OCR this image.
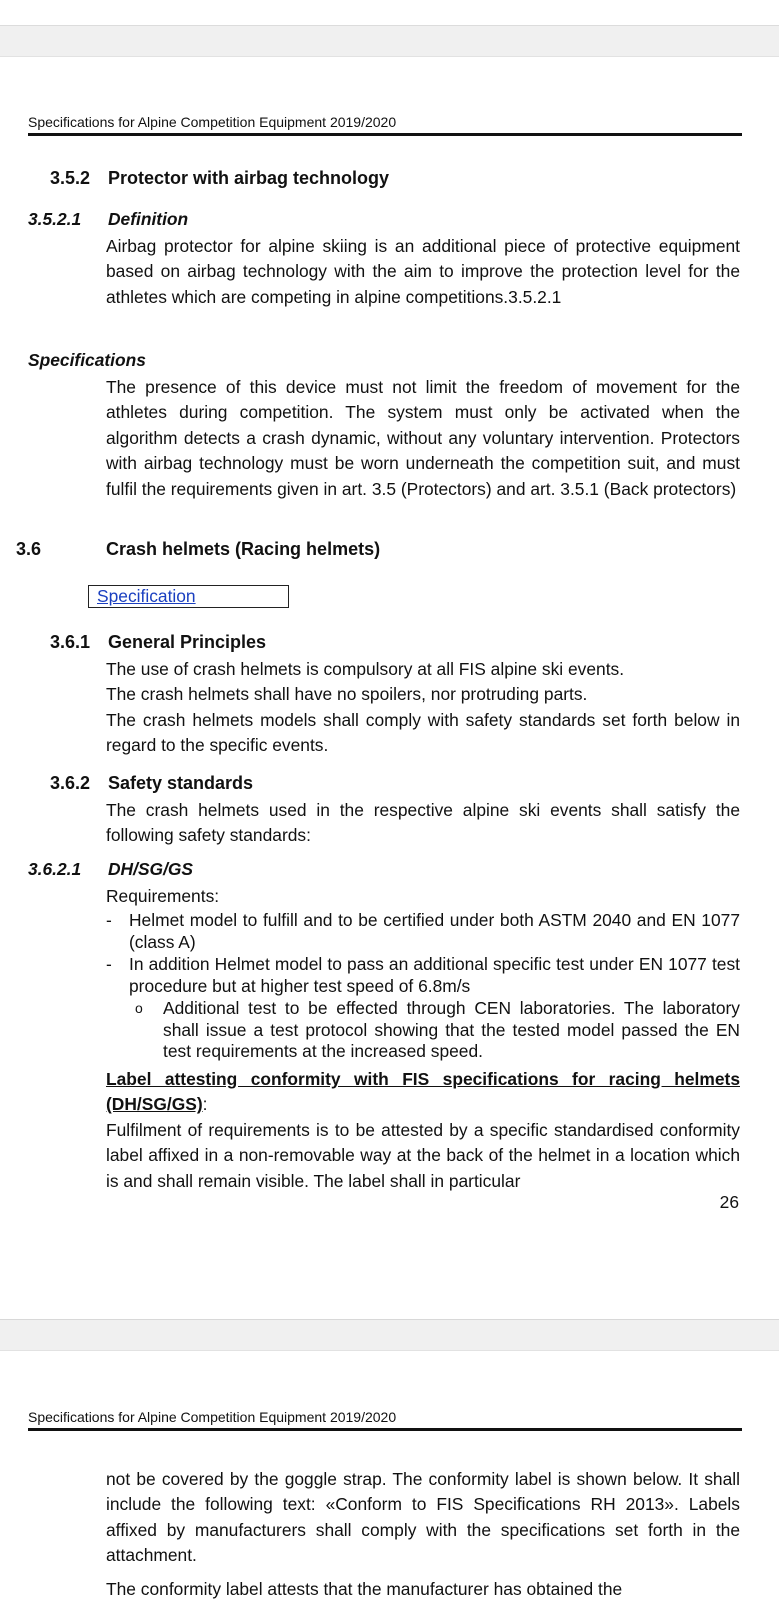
Specifications for Alpine Competition Equipment 2019/2020
3.5.2 Protector with airbag technology
3.5.2.1 Definition
Airbag protector for alpine skiing is an additional piece of protective equipment based on airbag technology with the aim to improve the protection level for the athletes which are competing in alpine competitions.3.5.2.1
Specifications
The presence of this device must not limit the freedom of movement for the athletes during competition. The system must only be activated when the algorithm detects a crash dynamic, without any voluntary intervention. Protectors with airbag technology must be worn underneath the competition suit, and must fulfil the requirements given in art. 3.5 (Protectors) and art. 3.5.1 (Back protectors)
3.6	Crash helmets (Racing helmets)
Specification
3.6.1 General Principles
The use of crash helmets is compulsory at all FIS alpine ski events.
The crash helmets shall have no spoilers, nor protruding parts.
The crash helmets models shall comply with safety standards set forth below in regard to the specific events.
3.6.2 Safety standards
The crash helmets used in the respective alpine ski events shall satisfy the following safety standards:
3.6.2.1 DH/SG/GS
Requirements:
- Helmet model to fulfill and to be certified under both ASTM 2040 and EN 1077 (class A)
- In addition Helmet model to pass an additional specific test under EN 1077 test procedure but at higher test speed of 6.8m/s
o Additional test to be effected through CEN laboratories. The laboratory shall issue a test protocol showing that the tested model passed the EN test requirements at the increased speed.
Label attesting conformity with FIS specifications for racing helmets (DH/SG/GS):
Fulfilment of requirements is to be attested by a specific standardised conformity label affixed in a non-removable way at the back of the helmet in a location which is and shall remain visible. The label shall in particular
26
Specifications for Alpine Competition Equipment 2019/2020
not be covered by the goggle strap. The conformity label is shown below. It shall include the following text: «Conform to FIS Specifications RH 2013». Labels affixed by manufacturers shall comply with the specifications set forth in the attachment.
The conformity label attests that the manufacturer has obtained the
